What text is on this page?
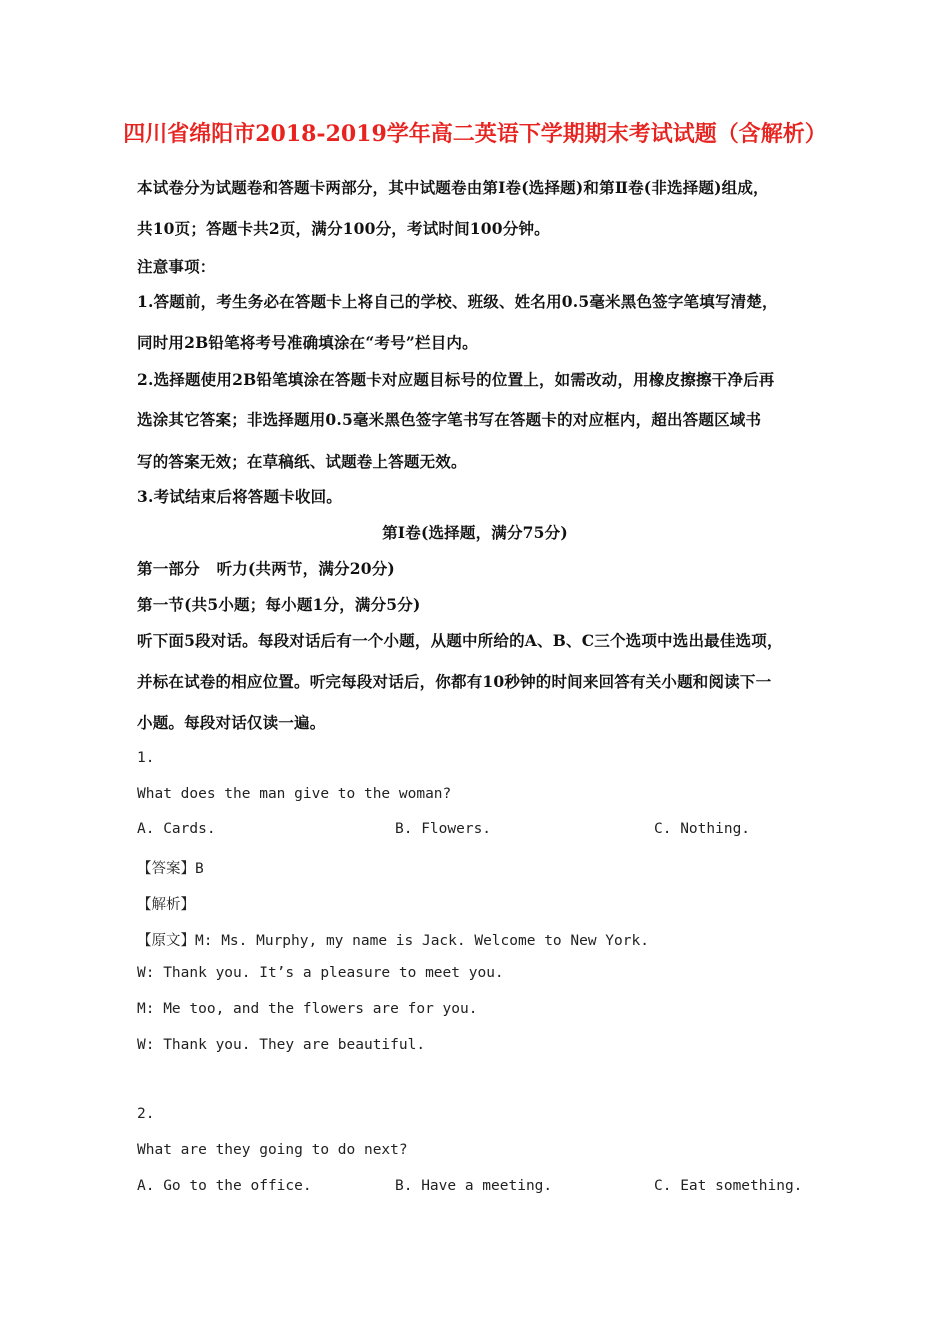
四川省绵阳市2018-2019学年高二英语下学期期末考试试题（含解析）
本试卷分为试题卷和答题卡两部分，其中试题卷由第Ⅰ卷(选择题)和第Ⅱ卷(非选择题)组成，
共10页；答题卡共2页，满分100分，考试时间100分钟。
注意事项：
1.答题前，考生务必在答题卡上将自己的学校、班级、姓名用0.5毫米黑色签字笔填写清楚，
同时用2B铅笔将考号准确填涂在“考号”栏目内。
2.选择题使用2B铅笔填涂在答题卡对应题目标号的位置上，如需改动，用橡皮擦擦干净后再
选涂其它答案；非选择题用0.5毫米黑色签字笔书写在答题卡的对应框内，超出答题区域书
写的答案无效；在草稿纸、试题卷上答题无效。
3.考试结束后将答题卡收回。
第Ⅰ卷(选择题，满分75分)
第一部分   听力(共两节，满分20分)
第一节(共5小题；每小题1分，满分5分)
听下面5段对话。每段对话后有一个小题，从题中所给的A、B、C三个选项中选出最佳选项，
并标在试卷的相应位置。听完每段对话后，你都有10秒钟的时间来回答有关小题和阅读下一
小题。每段对话仅读一遍。
1.
What does the man give to the woman?
A. Cards.	B. Flowers.	C. Nothing.
【答案】B
【解析】
【原文】M: Ms. Murphy, my name is Jack. Welcome to New York.
W: Thank you. It’s a pleasure to meet you.
M: Me too, and the flowers are for you.
W: Thank you. They are beautiful.
2.
What are they going to do next?
A. Go to the office.	B. Have a meeting.	C. Eat something.
